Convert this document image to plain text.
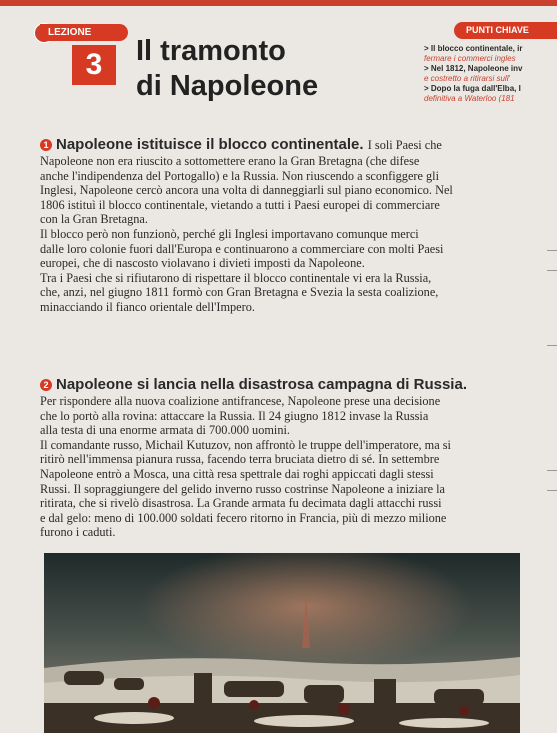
LEZIONE
3	Il tramonto
di Napoleone
PUNTI CHIAVE
> Il blocco continentale, ir
fermare i commerci ingles
> Nel 1812, Napoleone inv
e costretto a ritirarsi sull'
> Dopo la fuga dall'Elba, I
definitiva a Waterloo (181

1 Napoleone istituisce il blocco continentale. I soli Paesi che

Napoleone non era riuscito a sottomettere erano la Gran Bretagna (che difese

anche l'indipendenza del Portogallo) e la Russia. Non riuscendo a sconfiggere gli

Inglesi, Napoleone cercò ancora una volta di danneggiarli sul piano economico. Nel

1806 istituì il blocco continentale, vietando a tutti i Paesi europei di commerciare

con la Gran Bretagna.

Il blocco però non funzionò, perché gli Inglesi importavano comunque merci

dalle loro colonie fuori dall'Europa e continuarono a commerciare con molti Paesi

europei, che di nascosto violavano i divieti imposti da Napoleone.

Tra i Paesi che si rifiutarono di rispettare il blocco continentale vi era la Russia,

che, anzi, nel giugno 1811 formò con Gran Bretagna e Svezia la sesta coalizione,

minacciando il fianco orientale dell'Impero.

2 Napoleone si lancia nella disastrosa campagna di Russia.

Per rispondere alla nuova coalizione antifrancese, Napoleone prese una decisione

che lo portò alla rovina: attaccare la Russia. Il 24 giugno 1812 invase la Russia

alla testa di una enorme armata di 700.000 uomini.

Il comandante russo, Michail Kutuzov, non affrontò le truppe dell'imperatore, ma si

ritirò nell'immensa pianura russa, facendo terra bruciata dietro di sé. In settembre

Napoleone entrò a Mosca, una città resa spettrale dai roghi appiccati dagli stessi

Russi. Il sopraggiungere del gelido inverno russo costrinse Napoleone a iniziare la

ritirata, che si rivelò disastrosa. La Grande armata fu decimata dagli attacchi russi

e dal gelo: meno di 100.000 soldati fecero ritorno in Francia, più di mezzo milione

furono i caduti.
